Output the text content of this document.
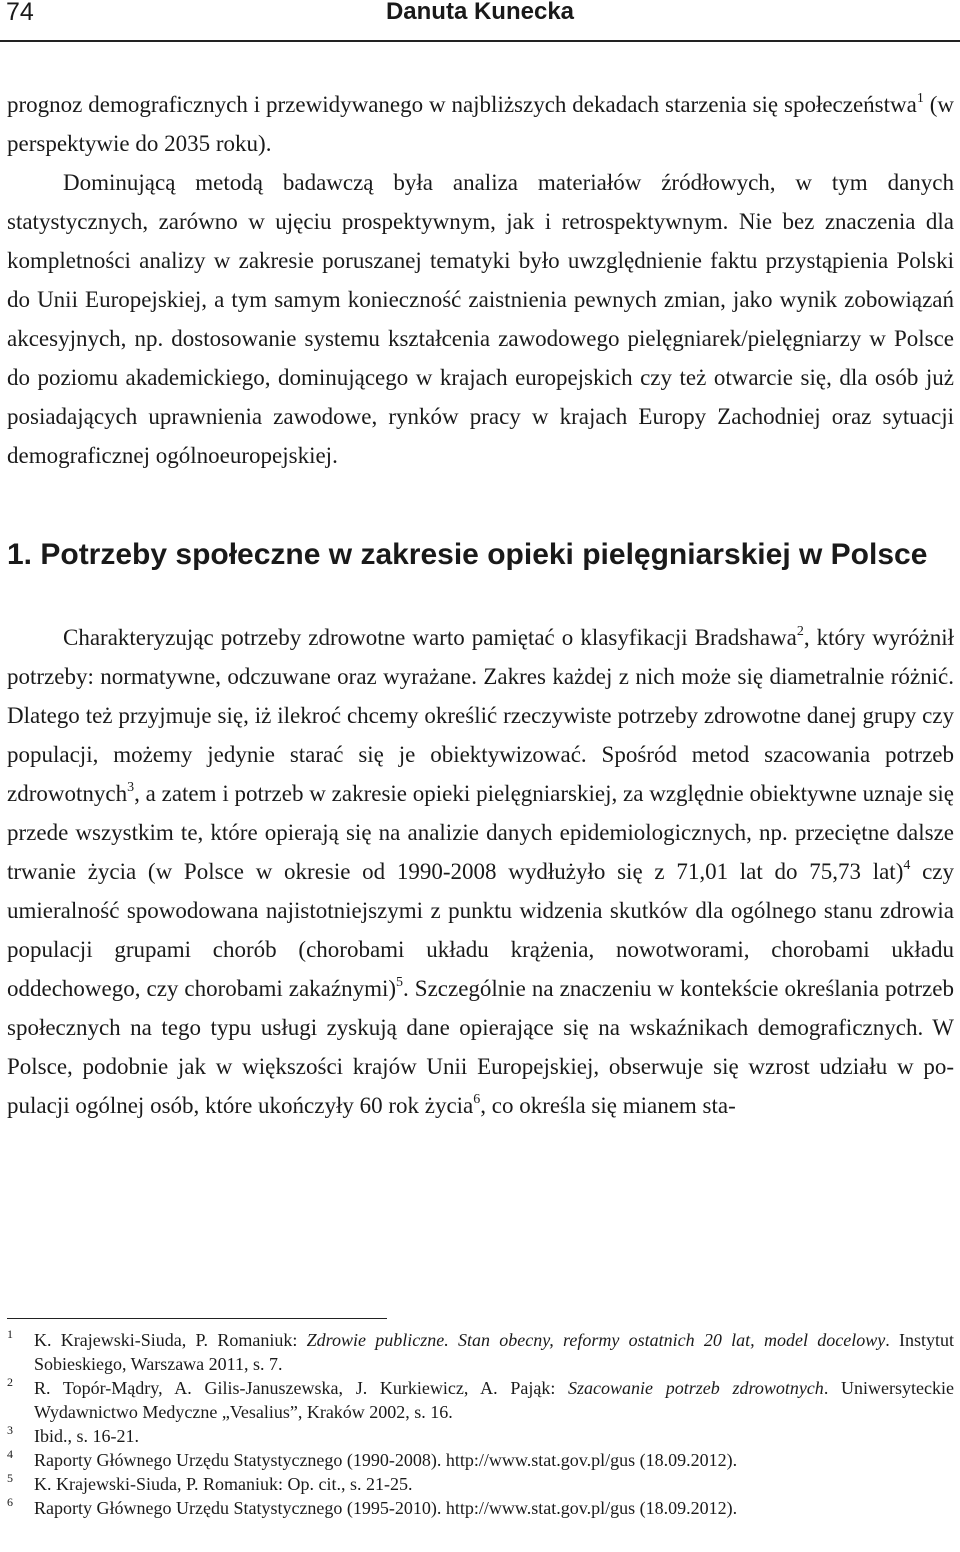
74	Danuta Kunecka

prognoz demograficznych i przewidywanego w najbliższych dekadach starzenia się społeczeństwa$^1$ (w perspektywie do 2035 roku).

Dominującą metodą badawczą była analiza materiałów źródłowych, w tym danych statystycznych, zarówno w ujęciu prospektywnym, jak i retrospektywnym. Nie bez znaczenia dla kompletności analizy w zakresie poruszanej tematyki było uwzględnienie faktu przystąpienia Polski do Unii Europejskiej, a tym samym konieczność zaistnienia pewnych zmian, jako wynik zobowiązań akcesyjnych, np. dostosowanie systemu kształcenia zawodowego pielęgniarek/pielęgniarzy w Polsce do poziomu akademickiego, dominującego w krajach europejskich czy też otwarcie się, dla osób już posiadających uprawnienia zawodowe, rynków pracy w krajach Europy Zachodniej oraz sytuacji demograficznej ogólnoeuropejskiej.

1. Potrzeby społeczne w zakresie opieki pielęgniarskiej w Polsce

Charakteryzując potrzeby zdrowotne warto pamiętać o klasyfikacji Bradshawa$^2$, który wyróżnił potrzeby: normatywne, odczuwane oraz wyrażane. Zakres każdej z nich może się diametralnie różnić. Dlatego też przyjmuje się, iż ilekroć chcemy określić rzeczywiste potrzeby zdrowotne danej grupy czy populacji, możemy jedynie starać się je obiektywizować. Spośród metod szacowania potrzeb zdrowotnych$^3$, a zatem i potrzeb w zakresie opieki pielęgniarskiej, za względnie obiektywne uznaje się przede wszystkim te, które opierają się na analizie danych epidemiologicznych, np. przeciętne dalsze trwanie życia (w Polsce w okresie od 1990-2008 wydłużyło się z 71,01 lat do 75,73 lat)$^4$ czy umieralność spowodowana najistotniejszymi z punktu widzenia skutków dla ogólnego stanu zdrowia populacji grupami chorób (chorobami układu krążenia, nowotworami, chorobami układu oddechowego, czy chorobami zakaźnymi)$^5$. Szczególnie na znaczeniu w kontekście określania potrzeb społecznych na tego typu usługi zyskują dane opierające się na wskaźnikach demograficznych. W Polsce, podobnie jak w większości krajów Unii Europejskiej, obserwuje się wzrost udziału w populacji ogólnej osób, które ukończyły 60 rok życia$^6$, co określa się mianem sta-

1 K. Krajewski-Siuda, P. Romaniuk: Zdrowie publiczne. Stan obecny, reformy ostatnich 20 lat, model docelowy. Instytut Sobieskiego, Warszawa 2011, s. 7.
2 R. Topór-Mądry, A. Gilis-Januszewska, J. Kurkiewicz, A. Pająk: Szacowanie potrzeb zdrowotnych. Uniwersyteckie Wydawnictwo Medyczne „Vesalius”, Kraków 2002, s. 16.
3 Ibid., s. 16-21.
4 Raporty Głównego Urzędu Statystycznego (1990-2008). http://www.stat.gov.pl/gus (18.09.2012).
5 K. Krajewski-Siuda, P. Romaniuk: Op. cit., s. 21-25.
6 Raporty Głównego Urzędu Statystycznego (1995-2010). http://www.stat.gov.pl/gus (18.09.2012).
